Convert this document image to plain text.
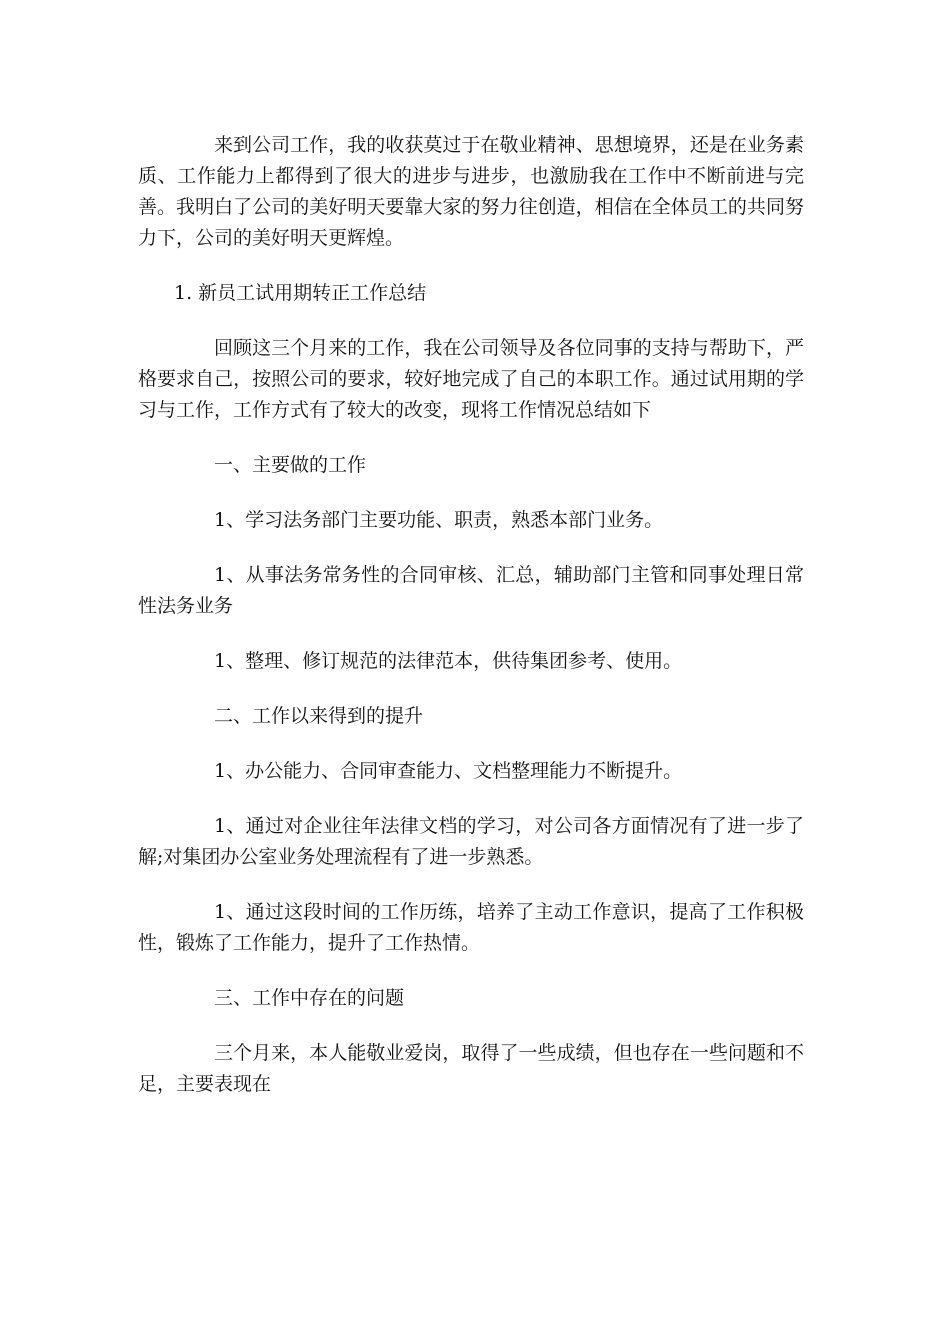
来到公司工作，我的收获莫过于在敬业精神、思想境界，还是在业务素质、工作能力上都得到了很大的进步与进步，也激励我在工作中不断前进与完善。我明白了公司的美好明天要靠大家的努力往创造，相信在全体员工的共同努力下，公司的美好明天更辉煌。

1. 新员工试用期转正工作总结

回顾这三个月来的工作，我在公司领导及各位同事的支持与帮助下，严格要求自己，按照公司的要求，较好地完成了自己的本职工作。通过试用期的学习与工作，工作方式有了较大的改变，现将工作情况总结如下

一、主要做的工作

1、学习法务部门主要功能、职责，熟悉本部门业务。

1、从事法务常务性的合同审核、汇总，辅助部门主管和同事处理日常性法务业务

1、整理、修订规范的法律范本，供待集团参考、使用。

二、工作以来得到的提升

1、办公能力、合同审查能力、文档整理能力不断提升。

1、通过对企业往年法律文档的学习，对公司各方面情况有了进一步了解;对集团办公室业务处理流程有了进一步熟悉。

1、通过这段时间的工作历练，培养了主动工作意识，提高了工作积极性，锻炼了工作能力，提升了工作热情。

三、工作中存在的问题

三个月来，本人能敬业爱岗，取得了一些成绩，但也存在一些问题和不足，主要表现在
